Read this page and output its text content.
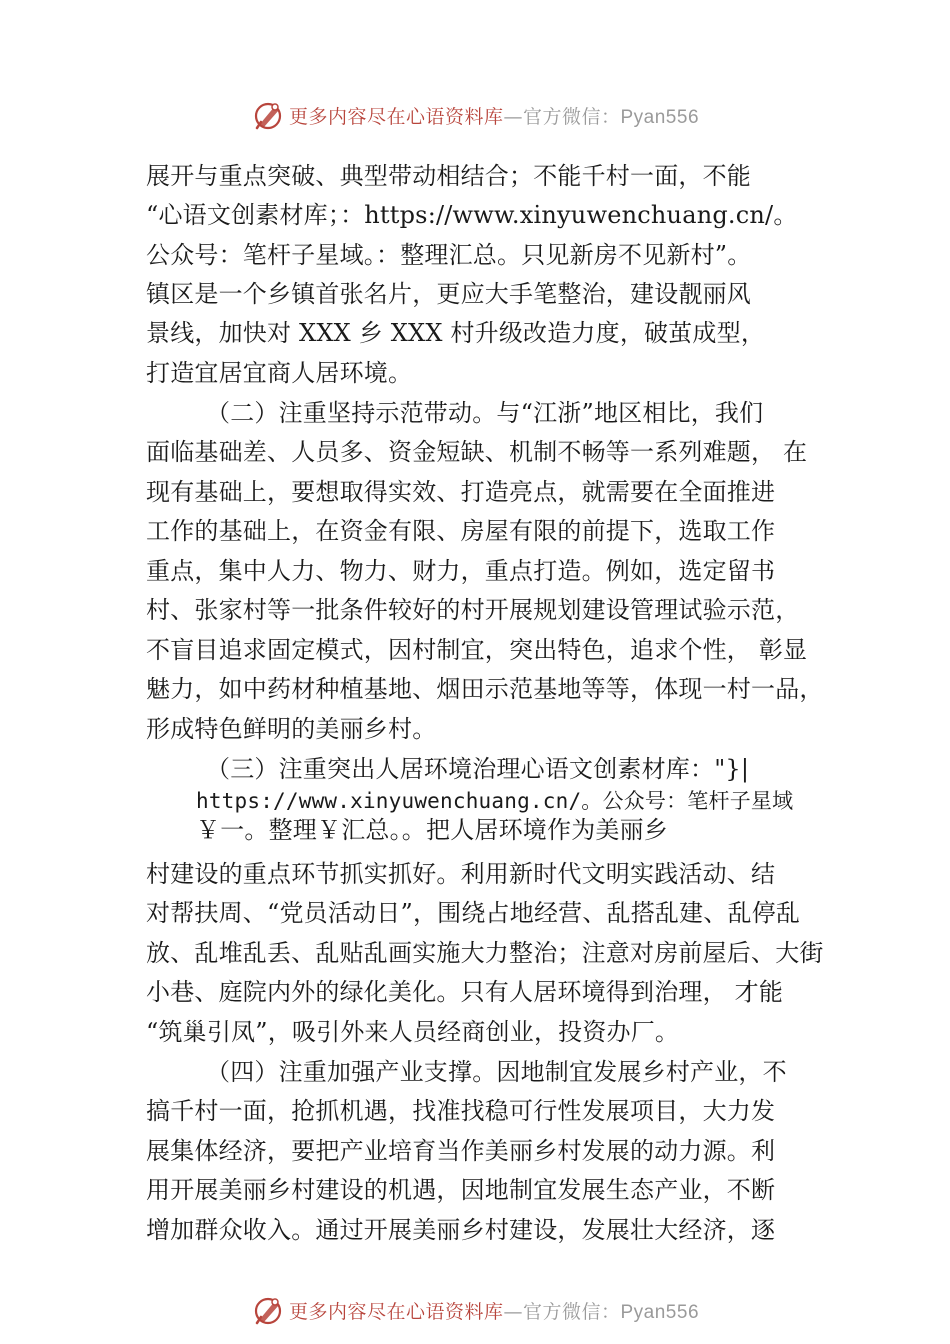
更多内容尽在心语资料库—官方微信：Pyan556
展开与重点突破、典型带动相结合；不能千村一面，不能
“心语文创素材库；：https://www.xinyuwenchuang.cn/。
公众号：笔杆子星域。：整理汇总。只见新房不见新村”。
镇区是一个乡镇首张名片，更应大手笔整治，建设靓丽风
景线，加快对 XXX 乡 XXX 村升级改造力度，破茧成型，
打造宜居宜商人居环境。
（二）注重坚持示范带动。与“江浙”地区相比，我们
面临基础差、人员多、资金短缺、机制不畅等一系列难题， 在
现有基础上，要想取得实效、打造亮点，就需要在全面推进
工作的基础上，在资金有限、房屋有限的前提下，选取工作
重点，集中人力、物力、财力，重点打造。例如，选定留书
村、张家村等一批条件较好的村开展规划建设管理试验示范，
不盲目追求固定模式，因村制宜，突出特色，追求个性， 彰显
魅力，如中药材种植基地、烟田示范基地等等，体现一村一品，
形成特色鲜明的美丽乡村。
（三）注重突出人居环境治理心语文创素材库："}|
https://www.xinyuwenchuang.cn/。公众号：笔杆子星域
￥一。整理￥汇总。。把人居环境作为美丽乡
村建设的重点环节抓实抓好。利用新时代文明实践活动、结
对帮扶周、“党员活动日”，围绕占地经营、乱搭乱建、乱停乱
放、乱堆乱丢、乱贴乱画实施大力整治；注意对房前屋后、大街
小巷、庭院内外的绿化美化。只有人居环境得到治理， 才能
“筑巢引凤”，吸引外来人员经商创业，投资办厂。
（四）注重加强产业支撑。因地制宜发展乡村产业，不
搞千村一面，抢抓机遇，找准找稳可行性发展项目，大力发
展集体经济，要把产业培育当作美丽乡村发展的动力源。利
用开展美丽乡村建设的机遇，因地制宜发展生态产业，不断
增加群众收入。通过开展美丽乡村建设，发展壮大经济，逐
更多内容尽在心语资料库—官方微信：Pyan556
